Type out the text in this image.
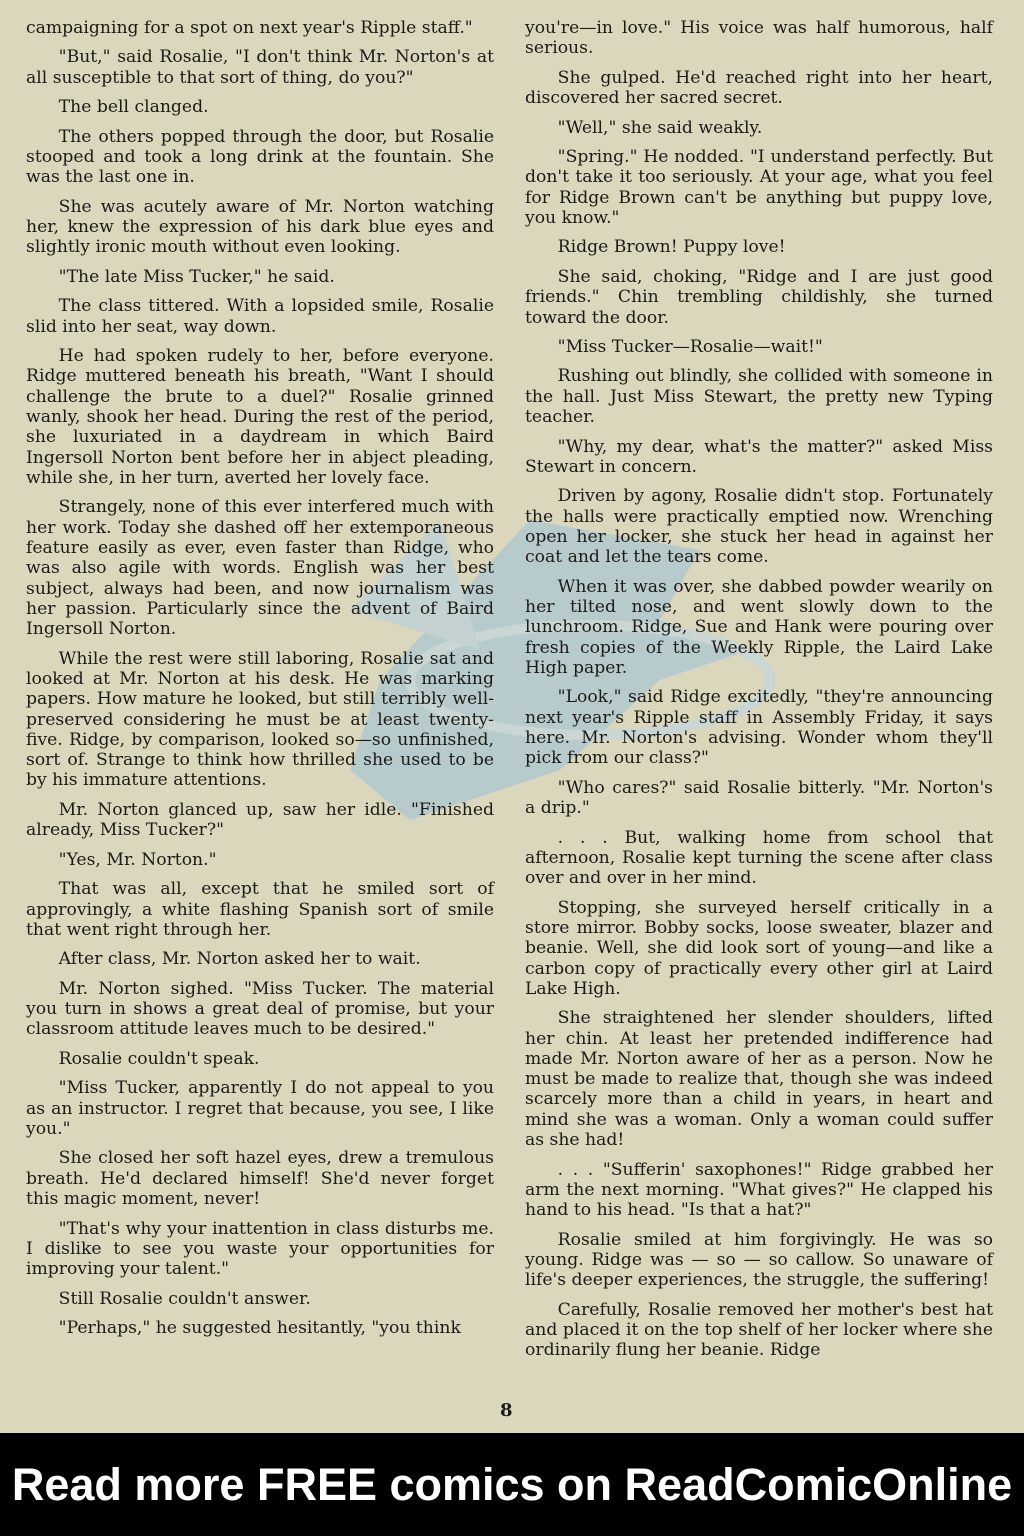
campaigning for a spot on next year's Ripple staff."

"But," said Rosalie, "I don't think Mr. Norton's at all susceptible to that sort of thing, do you?"

The bell clanged.

The others popped through the door, but Rosalie stooped and took a long drink at the fountain. She was the last one in.

She was acutely aware of Mr. Norton watching her, knew the expression of his dark blue eyes and slightly ironic mouth without even looking.

"The late Miss Tucker," he said.

The class tittered. With a lopsided smile, Rosalie slid into her seat, way down.

He had spoken rudely to her, before everyone. Ridge muttered beneath his breath, "Want I should challenge the brute to a duel?" Rosalie grinned wanly, shook her head. During the rest of the period, she luxuriated in a daydream in which Baird Ingersoll Norton bent before her in abject pleading, while she, in her turn, averted her lovely face.

Strangely, none of this ever interfered much with her work. Today she dashed off her extemporaneous feature easily as ever, even faster than Ridge, who was also agile with words. English was her best subject, always had been, and now journalism was her passion. Particularly since the advent of Baird Ingersoll Norton.

While the rest were still laboring, Rosalie sat and looked at Mr. Norton at his desk. He was marking papers. How mature he looked, but still terribly well-preserved considering he must be at least twenty-five. Ridge, by comparison, looked so—so unfinished, sort of. Strange to think how thrilled she used to be by his immature attentions.

Mr. Norton glanced up, saw her idle. "Finished already, Miss Tucker?"

"Yes, Mr. Norton."

That was all, except that he smiled sort of approvingly, a white flashing Spanish sort of smile that went right through her.

After class, Mr. Norton asked her to wait.

Mr. Norton sighed. "Miss Tucker. The material you turn in shows a great deal of promise, but your classroom attitude leaves much to be desired."

Rosalie couldn't speak.

"Miss Tucker, apparently I do not appeal to you as an instructor. I regret that because, you see, I like you."

She closed her soft hazel eyes, drew a tremulous breath. He'd declared himself! She'd never forget this magic moment, never!

"That's why your inattention in class disturbs me. I dislike to see you waste your opportunities for improving your talent."

Still Rosalie couldn't answer.

"Perhaps," he suggested hesitantly, "you think

you're—in love." His voice was half humorous, half serious.

She gulped. He'd reached right into her heart, discovered her sacred secret.

"Well," she said weakly.

"Spring." He nodded. "I understand perfectly. But don't take it too seriously. At your age, what you feel for Ridge Brown can't be anything but puppy love, you know."

Ridge Brown! Puppy love!

She said, choking, "Ridge and I are just good friends." Chin trembling childishly, she turned toward the door.

"Miss Tucker—Rosalie—wait!"

Rushing out blindly, she collided with someone in the hall. Just Miss Stewart, the pretty new Typing teacher.

"Why, my dear, what's the matter?" asked Miss Stewart in concern.

Driven by agony, Rosalie didn't stop. Fortunately the halls were practically emptied now. Wrenching open her locker, she stuck her head in against her coat and let the tears come.

When it was over, she dabbed powder wearily on her tilted nose, and went slowly down to the lunchroom. Ridge, Sue and Hank were pouring over fresh copies of the Weekly Ripple, the Laird Lake High paper.

"Look," said Ridge excitedly, "they're announcing next year's Ripple staff in Assembly Friday, it says here. Mr. Norton's advising. Wonder whom they'll pick from our class?"

"Who cares?" said Rosalie bitterly. "Mr. Norton's a drip."

. . . But, walking home from school that afternoon, Rosalie kept turning the scene after class over and over in her mind.

Stopping, she surveyed herself critically in a store mirror. Bobby socks, loose sweater, blazer and beanie. Well, she did look sort of young—and like a carbon copy of practically every other girl at Laird Lake High.

She straightened her slender shoulders, lifted her chin. At least her pretended indifference had made Mr. Norton aware of her as a person. Now he must be made to realize that, though she was indeed scarcely more than a child in years, in heart and mind she was a woman. Only a woman could suffer as she had!

. . . "Sufferin' saxophones!" Ridge grabbed her arm the next morning. "What gives?" He clapped his hand to his head. "Is that a hat?"

Rosalie smiled at him forgivingly. He was so young. Ridge was — so — so callow. So unaware of life's deeper experiences, the struggle, the suffering!

Carefully, Rosalie removed her mother's best hat and placed it on the top shelf of her locker where she ordinarily flung her beanie. Ridge

8
Read more FREE comics on ReadComicOnline
